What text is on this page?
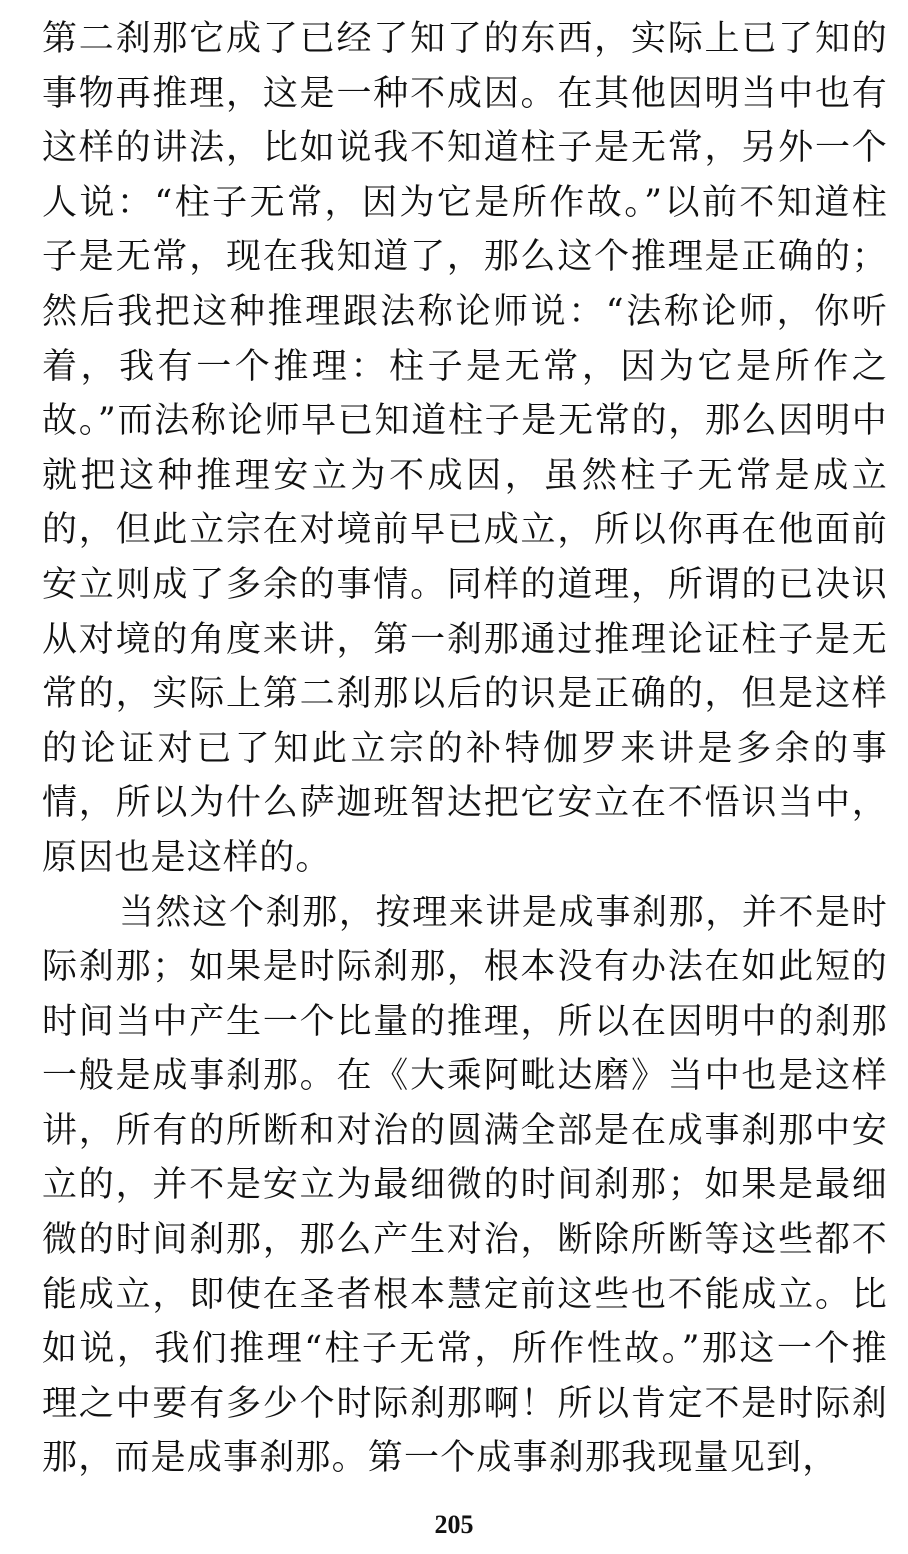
第二刹那它成了已经了知了的东西，实际上已了知的事物再推理，这是一种不成因。在其他因明当中也有这样的讲法，比如说我不知道柱子是无常，另外一个人说：“柱子无常，因为它是所作故。”以前不知道柱子是无常，现在我知道了，那么这个推理是正确的；然后我把这种推理跟法称论师说：“法称论师，你听着，我有一个推理：柱子是无常，因为它是所作之故。”而法称论师早已知道柱子是无常的，那么因明中就把这种推理安立为不成因，虽然柱子无常是成立的，但此立宗在对境前早已成立，所以你再在他面前安立则成了多余的事情。同样的道理，所谓的已决识从对境的角度来讲，第一刹那通过推理论证柱子是无常的，实际上第二刹那以后的识是正确的，但是这样的论证对已了知此立宗的补特伽罗来讲是多余的事情，所以为什么萨迦班智达把它安立在不悟识当中，原因也是这样的。

当然这个刹那，按理来讲是成事刹那，并不是时际刹那；如果是时际刹那，根本没有办法在如此短的时间当中产生一个比量的推理，所以在因明中的刹那一般是成事刹那。在《大乘阿毗达磨》当中也是这样讲，所有的所断和对治的圆满全部是在成事刹那中安立的，并不是安立为最细微的时间刹那；如果是最细微的时间刹那，那么产生对治，断除所断等这些都不能成立，即使在圣者根本慧定前这些也不能成立。比如说，我们推理“柱子无常，所作性故。”那这一个推理之中要有多少个时际刹那啊！所以肯定不是时际刹那，而是成事刹那。第一个成事刹那我现量见到，

205
